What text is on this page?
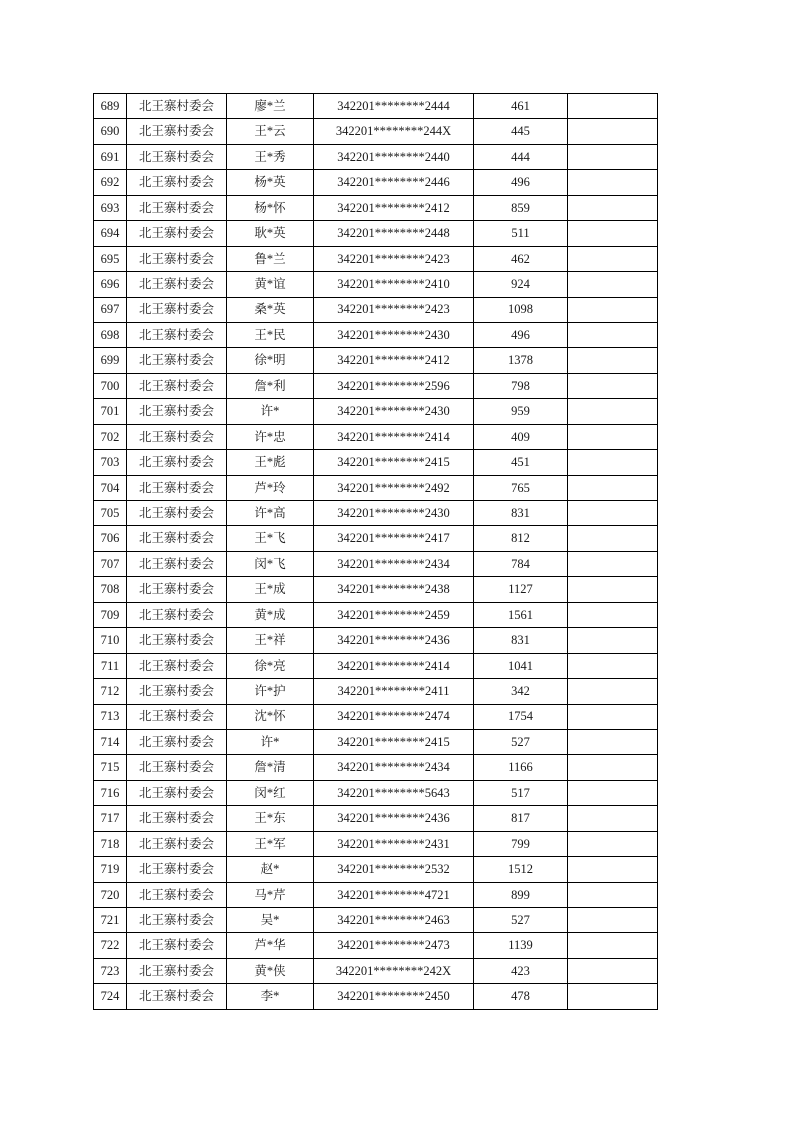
689	北王寨村委会	廖*兰	342201********2444	461	
690	北王寨村委会	王*云	342201********244X	445	
691	北王寨村委会	王*秀	342201********2440	444	
692	北王寨村委会	杨*英	342201********2446	496	
693	北王寨村委会	杨*怀	342201********2412	859	
694	北王寨村委会	耿*英	342201********2448	511	
695	北王寨村委会	鲁*兰	342201********2423	462	
696	北王寨村委会	黄*谊	342201********2410	924	
697	北王寨村委会	桑*英	342201********2423	1098	
698	北王寨村委会	王*民	342201********2430	496	
699	北王寨村委会	徐*明	342201********2412	1378	
700	北王寨村委会	詹*利	342201********2596	798	
701	北王寨村委会	许*	342201********2430	959	
702	北王寨村委会	许*忠	342201********2414	409	
703	北王寨村委会	王*彪	342201********2415	451	
704	北王寨村委会	芦*玲	342201********2492	765	
705	北王寨村委会	许*高	342201********2430	831	
706	北王寨村委会	王*飞	342201********2417	812	
707	北王寨村委会	闵*飞	342201********2434	784	
708	北王寨村委会	王*成	342201********2438	1127	
709	北王寨村委会	黄*成	342201********2459	1561	
710	北王寨村委会	王*祥	342201********2436	831	
711	北王寨村委会	徐*亮	342201********2414	1041	
712	北王寨村委会	许*护	342201********2411	342	
713	北王寨村委会	沈*怀	342201********2474	1754	
714	北王寨村委会	许*	342201********2415	527	
715	北王寨村委会	詹*清	342201********2434	1166	
716	北王寨村委会	闵*红	342201********5643	517	
717	北王寨村委会	王*东	342201********2436	817	
718	北王寨村委会	王*军	342201********2431	799	
719	北王寨村委会	赵*	342201********2532	1512	
720	北王寨村委会	马*芹	342201********4721	899	
721	北王寨村委会	吴*	342201********2463	527	
722	北王寨村委会	芦*华	342201********2473	1139	
723	北王寨村委会	黄*侠	342201********242X	423	
724	北王寨村委会	李*	342201********2450	478	
